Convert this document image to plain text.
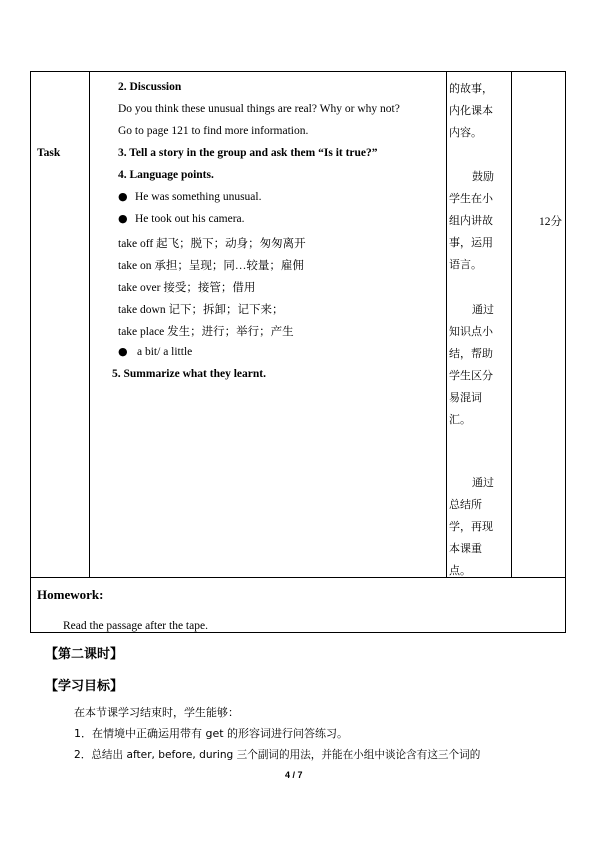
Task
2. Discussion
Do you think these unusual things are real? Why or why not?
Go to page 121 to find more information.
3. Tell a story in the group and ask them “Is it true?”
4. Language points.
● He was something unusual.
● He took out his camera.
take off 起飞；脱下；动身；匆匆离开
take on 承担；呈现；同…较量；雇佣
take over 接受；接管；借用
take down 记下；拆卸；记下来；
take place 发生；进行；举行；产生
● a bit/ a little
5. Summarize what they learnt.
的故事，
内化课本
内容。
鼓励
学生在小
组内讲故
事，运用
语言。
通过
知识点小
结，帮助
学生区分
易混词
汇。
通过
总结所
学，再现
本课重
点。
12分
Homework:
Read the passage after the tape.
【第二课时】
【学习目标】
在本节课学习结束时，学生能够：
1．在情境中正确运用带有 get 的形容词进行问答练习。
2．总结出 after, before, during 三个副词的用法，并能在小组中谈论含有这三个词的
4 / 7
